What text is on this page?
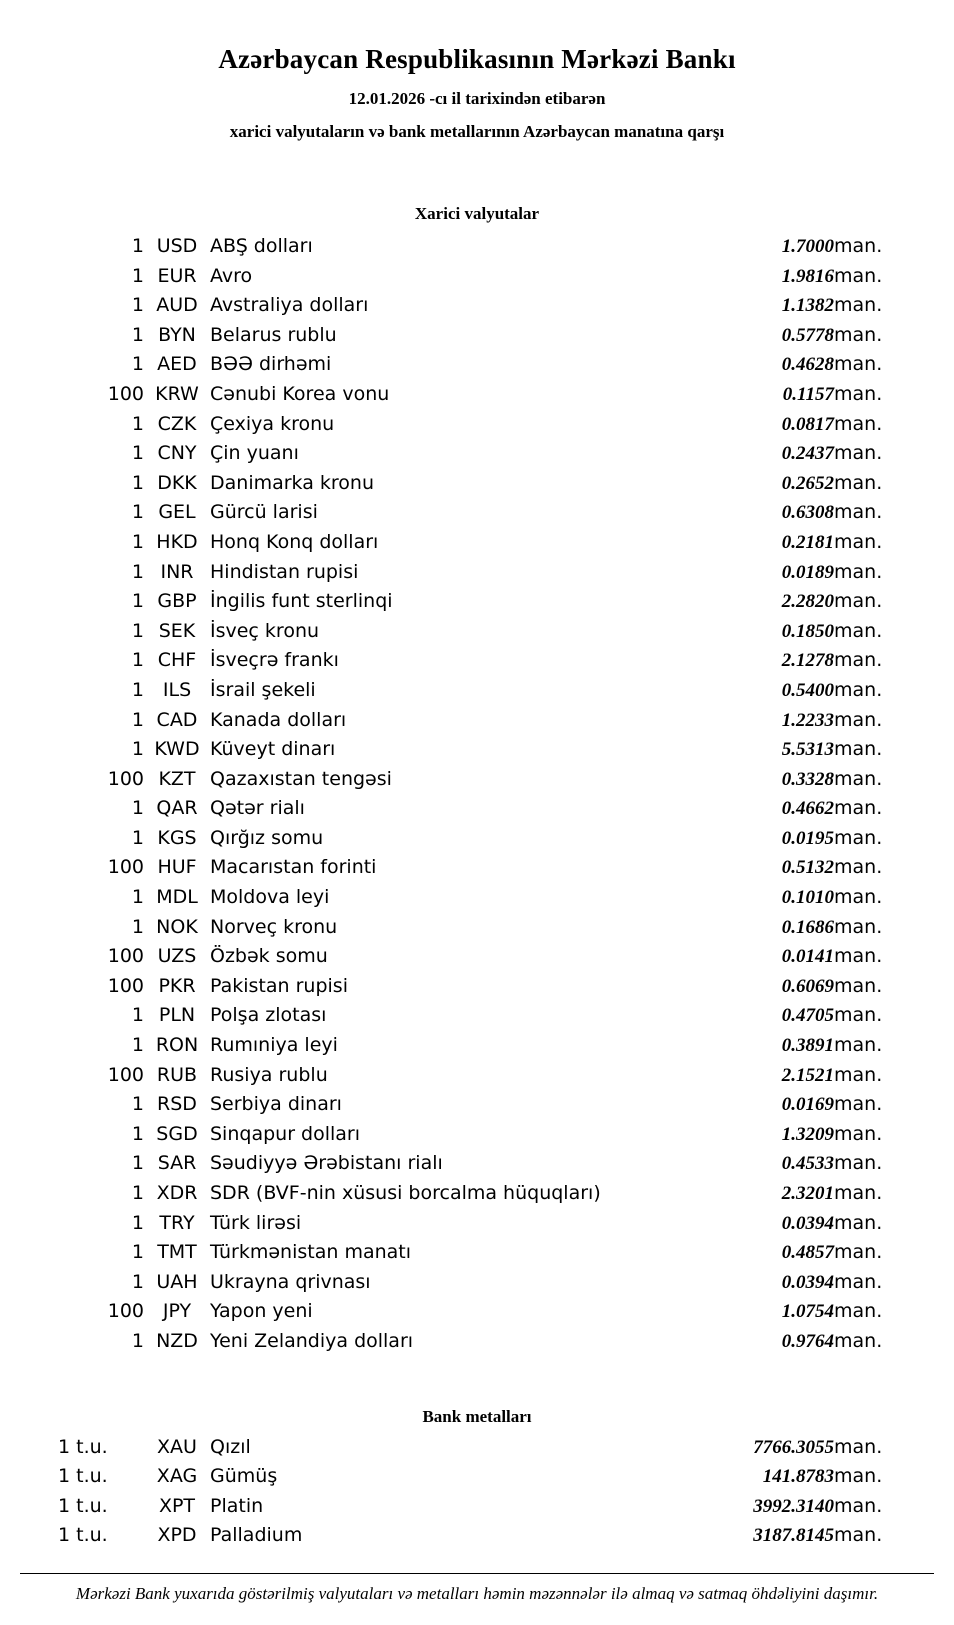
Azərbaycan Respublikasının Mərkəzi Bankı
12.01.2026 -cı il tarixindən etibarən
xarici valyutaların və bank metallarının Azərbaycan manatına qarşı
Xarici valyutalar
1	USD	ABŞ dolları	1.7000	man.
1	EUR	Avro	1.9816	man.
1	AUD	Avstraliya dolları	1.1382	man.
1	BYN	Belarus rublu	0.5778	man.
1	AED	BƏƏ dirhəmi	0.4628	man.
100	KRW	Cənubi Korea vonu	0.1157	man.
1	CZK	Çexiya kronu	0.0817	man.
1	CNY	Çin yuanı	0.2437	man.
1	DKK	Danimarka kronu	0.2652	man.
1	GEL	Gürcü larisi	0.6308	man.
1	HKD	Honq Konq dolları	0.2181	man.
1	INR	Hindistan rupisi	0.0189	man.
1	GBP	İngilis funt sterlinqi	2.2820	man.
1	SEK	İsveç kronu	0.1850	man.
1	CHF	İsveçrə frankı	2.1278	man.
1	ILS	İsrail şekeli	0.5400	man.
1	CAD	Kanada dolları	1.2233	man.
1	KWD	Küveyt dinarı	5.5313	man.
100	KZT	Qazaxıstan tengəsi	0.3328	man.
1	QAR	Qətər rialı	0.4662	man.
1	KGS	Qırğız somu	0.0195	man.
100	HUF	Macarıstan forinti	0.5132	man.
1	MDL	Moldova leyi	0.1010	man.
1	NOK	Norveç kronu	0.1686	man.
100	UZS	Özbək somu	0.0141	man.
100	PKR	Pakistan rupisi	0.6069	man.
1	PLN	Polşa zlotası	0.4705	man.
1	RON	Rumıniya leyi	0.3891	man.
100	RUB	Rusiya rublu	2.1521	man.
1	RSD	Serbiya dinarı	0.0169	man.
1	SGD	Sinqapur dolları	1.3209	man.
1	SAR	Səudiyyə Ərəbistanı rialı	0.4533	man.
1	XDR	SDR (BVF-nin xüsusi borcalma hüquqları)	2.3201	man.
1	TRY	Türk lirəsi	0.0394	man.
1	TMT	Türkmənistan manatı	0.4857	man.
1	UAH	Ukrayna qrivnası	0.0394	man.
100	JPY	Yapon yeni	1.0754	man.
1	NZD	Yeni Zelandiya dolları	0.9764	man.
Bank metalları
1 t.u.	XAU	Qızıl	7766.3055	man.
1 t.u.	XAG	Gümüş	141.8783	man.
1 t.u.	XPT	Platin	3992.3140	man.
1 t.u.	XPD	Palladium	3187.8145	man.
Mərkəzi Bank yuxarıda göstərilmiş valyutaları və metalları həmin məzənnələr ilə almaq və satmaq öhdəliyini daşımır.
